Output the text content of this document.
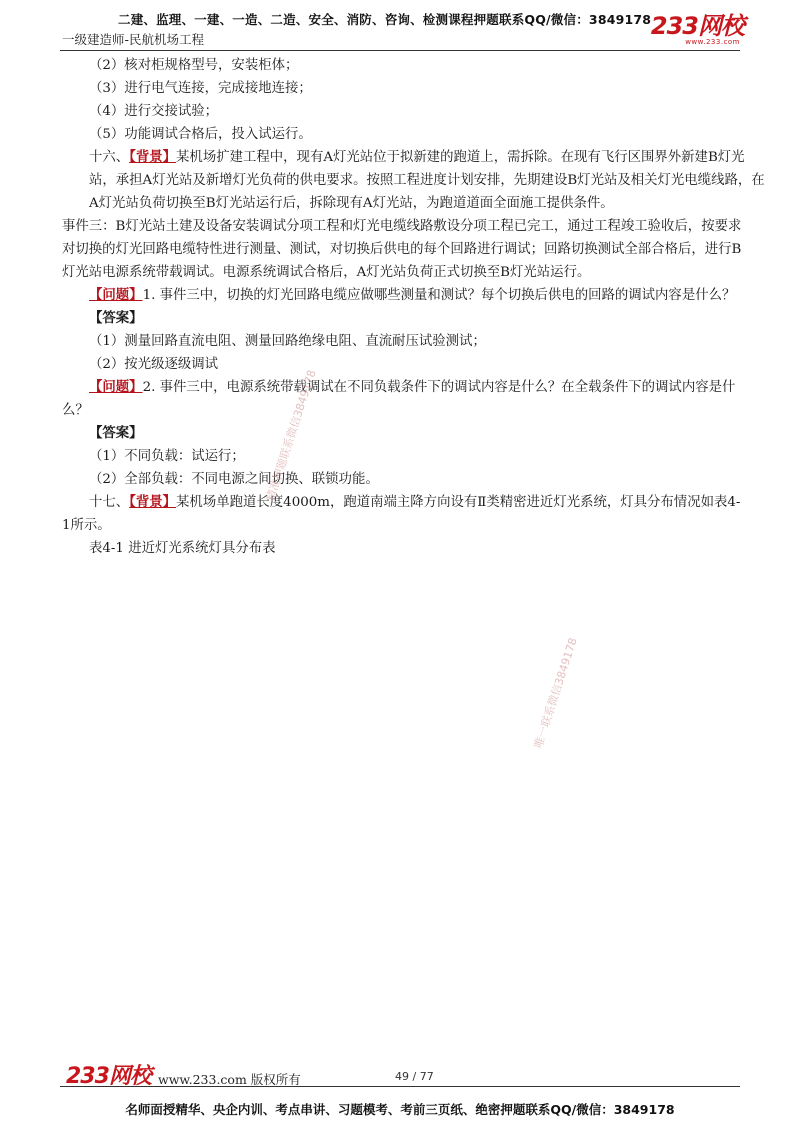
二建、监理、一建、一造、二造、安全、消防、咨询、检测课程押题联系QQ/微信：3849178
一级建造师-民航机场工程	233网校
www.233.com

（2）核对柜规格型号，安装柜体；

（3）进行电气连接，完成接地连接；

（4）进行交接试验；

（5）功能调试合格后，投入试运行。

十六、【背景】某机场扩建工程中，现有A灯光站位于拟新建的跑道上，需拆除。在现有飞行区围界外新建B灯光站，承担A灯光站及新增灯光负荷的供电要求。按照工程进度计划安排，先期建设B灯光站及相关灯光电缆线路，在A灯光站负荷切换至B灯光站运行后，拆除现有A灯光站，为跑道道面全面施工提供条件。

事件三：B灯光站土建及设备安装调试分项工程和灯光电缆线路敷设分项工程已完工，通过工程竣工验收后，按要求对切换的灯光回路电缆特性进行测量、测试，对切换后供电的每个回路进行调试；回路切换测试全部合格后，进行B灯光站电源系统带载调试。电源系统调试合格后，A灯光站负荷正式切换至B灯光站运行。

【问题】1. 事件三中，切换的灯光回路电缆应做哪些测量和测试？每个切换后供电的回路的调试内容是什么？

【答案】

（1）测量回路直流电阻、测量回路绝缘电阻、直流耐压试验测试；

（2）按光级逐级调试

【问题】2. 事件三中，电源系统带载调试在不同负载条件下的调试内容是什么？在全载条件下的调试内容是什么？

【答案】

（1）不同负载：试运行；

（2）全部负载：不同电源之间切换、联锁功能。

十七、【背景】某机场单跑道长度4000m，跑道南端主降方向设有Ⅱ类精密进近灯光系统，灯具分布情况如表4-1所示。

表4-1 进近灯光系统灯具分布表

精准押题联系微信3849178
唯一联系微信3849178
233网校 www.233.com 版权所有	49 / 77
名师面授精华、央企内训、考点串讲、习题模考、考前三页纸、绝密押题联系QQ/微信：3849178
